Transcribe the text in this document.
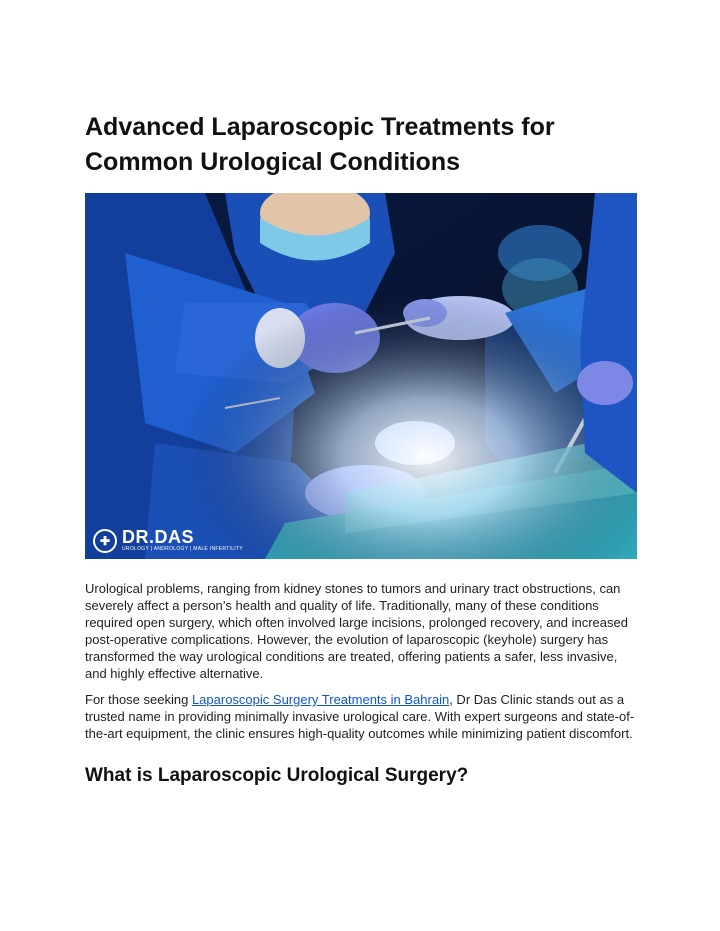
Advanced Laparoscopic Treatments for
Common Urological Conditions
✚ DR.DAS
UROLOGY | ANDROLOGY | MALE INFERTILITY

Urological problems, ranging from kidney stones to tumors and urinary tract obstructions, can severely affect a person’s health and quality of life. Traditionally, many of these conditions required open surgery, which often involved large incisions, prolonged recovery, and increased post-operative complications. However, the evolution of laparoscopic (keyhole) surgery has transformed the way urological conditions are treated, offering patients a safer, less invasive, and highly effective alternative.

For those seeking Laparoscopic Surgery Treatments in Bahrain, Dr Das Clinic stands out as a trusted name in providing minimally invasive urological care. With expert surgeons and state-of-the-art equipment, the clinic ensures high-quality outcomes while minimizing patient discomfort.

What is Laparoscopic Urological Surgery?
